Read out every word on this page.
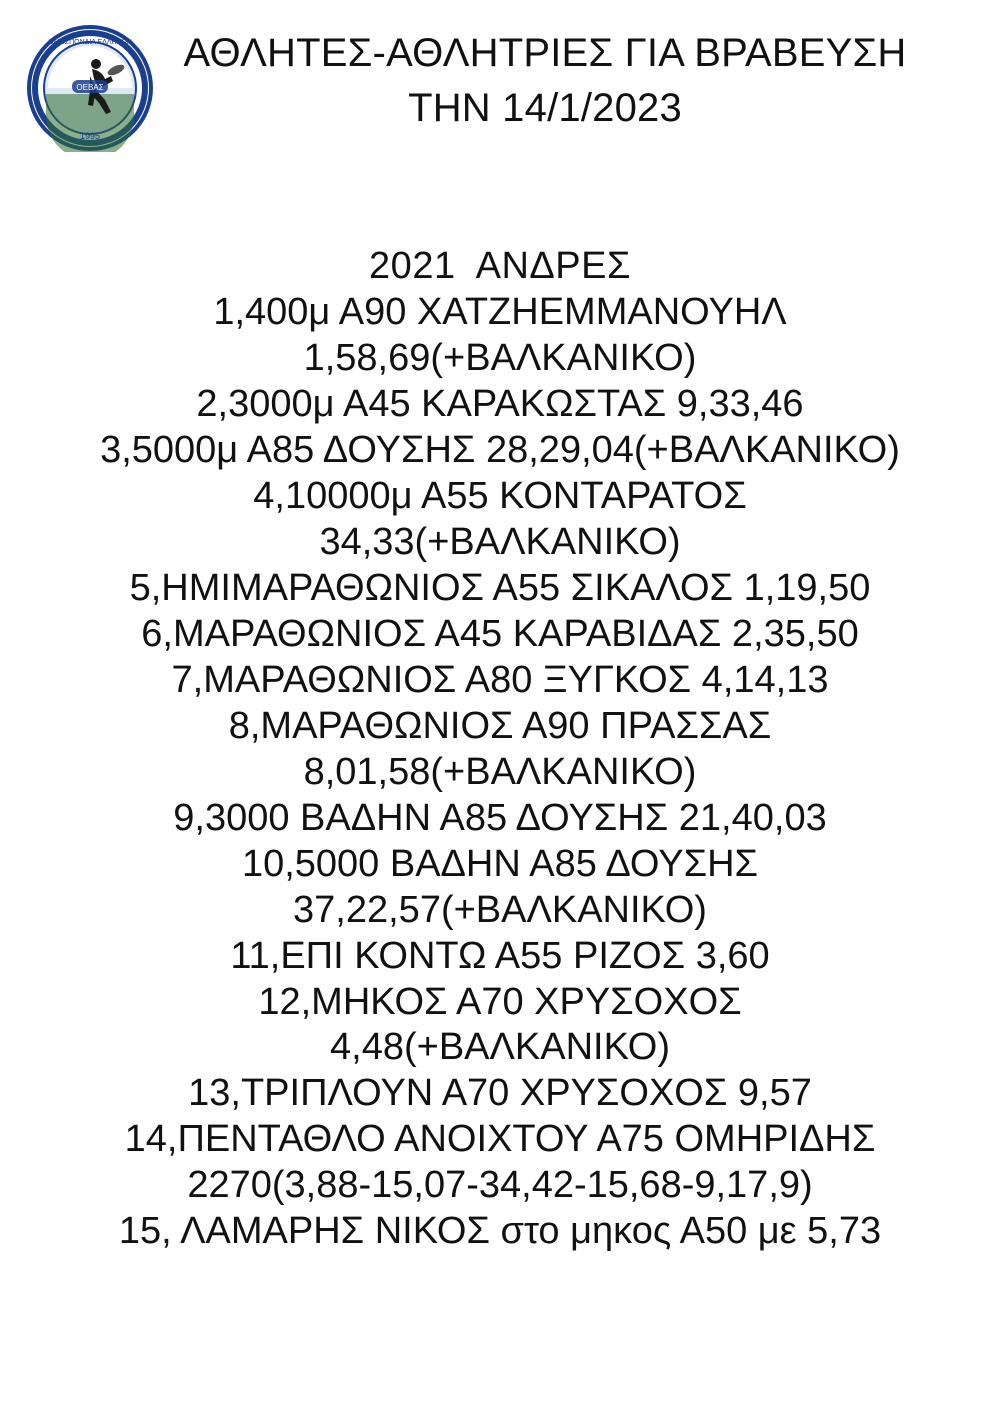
ΟΜΟΣΠΟΝΔΙΑ ΕΛΛΗΝΩΝ
1995
ΟΕΒΑΣ
ΑΘΛΗΤΕΣ-ΑΘΛΗΤΡΙΕΣ ΓΙΑ ΒΡΑΒΕΥΣΗ
ΤΗΝ 14/1/2023
2021  ΑΝΔΡΕΣ
1,400μ Α90 ΧΑΤΖΗΕΜΜΑΝΟΥΗΛ
1,58,69(+ΒΑΛΚΑΝΙΚΟ)
2,3000μ Α45 ΚΑΡΑΚΩΣΤΑΣ 9,33,46
3,5000μ Α85 ΔΟΥΣΗΣ 28,29,04(+ΒΑΛΚΑΝΙΚΟ)
4,10000μ Α55 ΚΟΝΤΑΡΑΤΟΣ
34,33(+ΒΑΛΚΑΝΙΚΟ)
5,ΗΜΙΜΑΡΑΘΩΝΙΟΣ Α55 ΣΙΚΑΛΟΣ 1,19,50
6,ΜΑΡΑΘΩΝΙΟΣ Α45 ΚΑΡΑΒΙΔΑΣ 2,35,50
7,ΜΑΡΑΘΩΝΙΟΣ Α80 ΞΥΓΚΟΣ 4,14,13
8,ΜΑΡΑΘΩΝΙΟΣ Α90 ΠΡΑΣΣΑΣ
8,01,58(+ΒΑΛΚΑΝΙΚΟ)
9,3000 ΒΑΔΗΝ Α85 ΔΟΥΣΗΣ 21,40,03
10,5000 ΒΑΔΗΝ Α85 ΔΟΥΣΗΣ
37,22,57(+ΒΑΛΚΑΝΙΚΟ)
11,ΕΠΙ ΚΟΝΤΩ Α55 ΡΙΖΟΣ 3,60
12,ΜΗΚΟΣ Α70 ΧΡΥΣΟΧΟΣ
4,48(+ΒΑΛΚΑΝΙΚΟ)
13,ΤΡΙΠΛΟΥΝ Α70 ΧΡΥΣΟΧΟΣ 9,57
14,ΠΕΝΤΑΘΛΟ ΑΝΟΙΧΤΟΥ Α75 ΟΜΗΡΙΔΗΣ
2270(3,88-15,07-34,42-15,68-9,17,9)
15, ΛΑΜΑΡΗΣ ΝΙΚΟΣ στο μηκος Α50 με 5,73
